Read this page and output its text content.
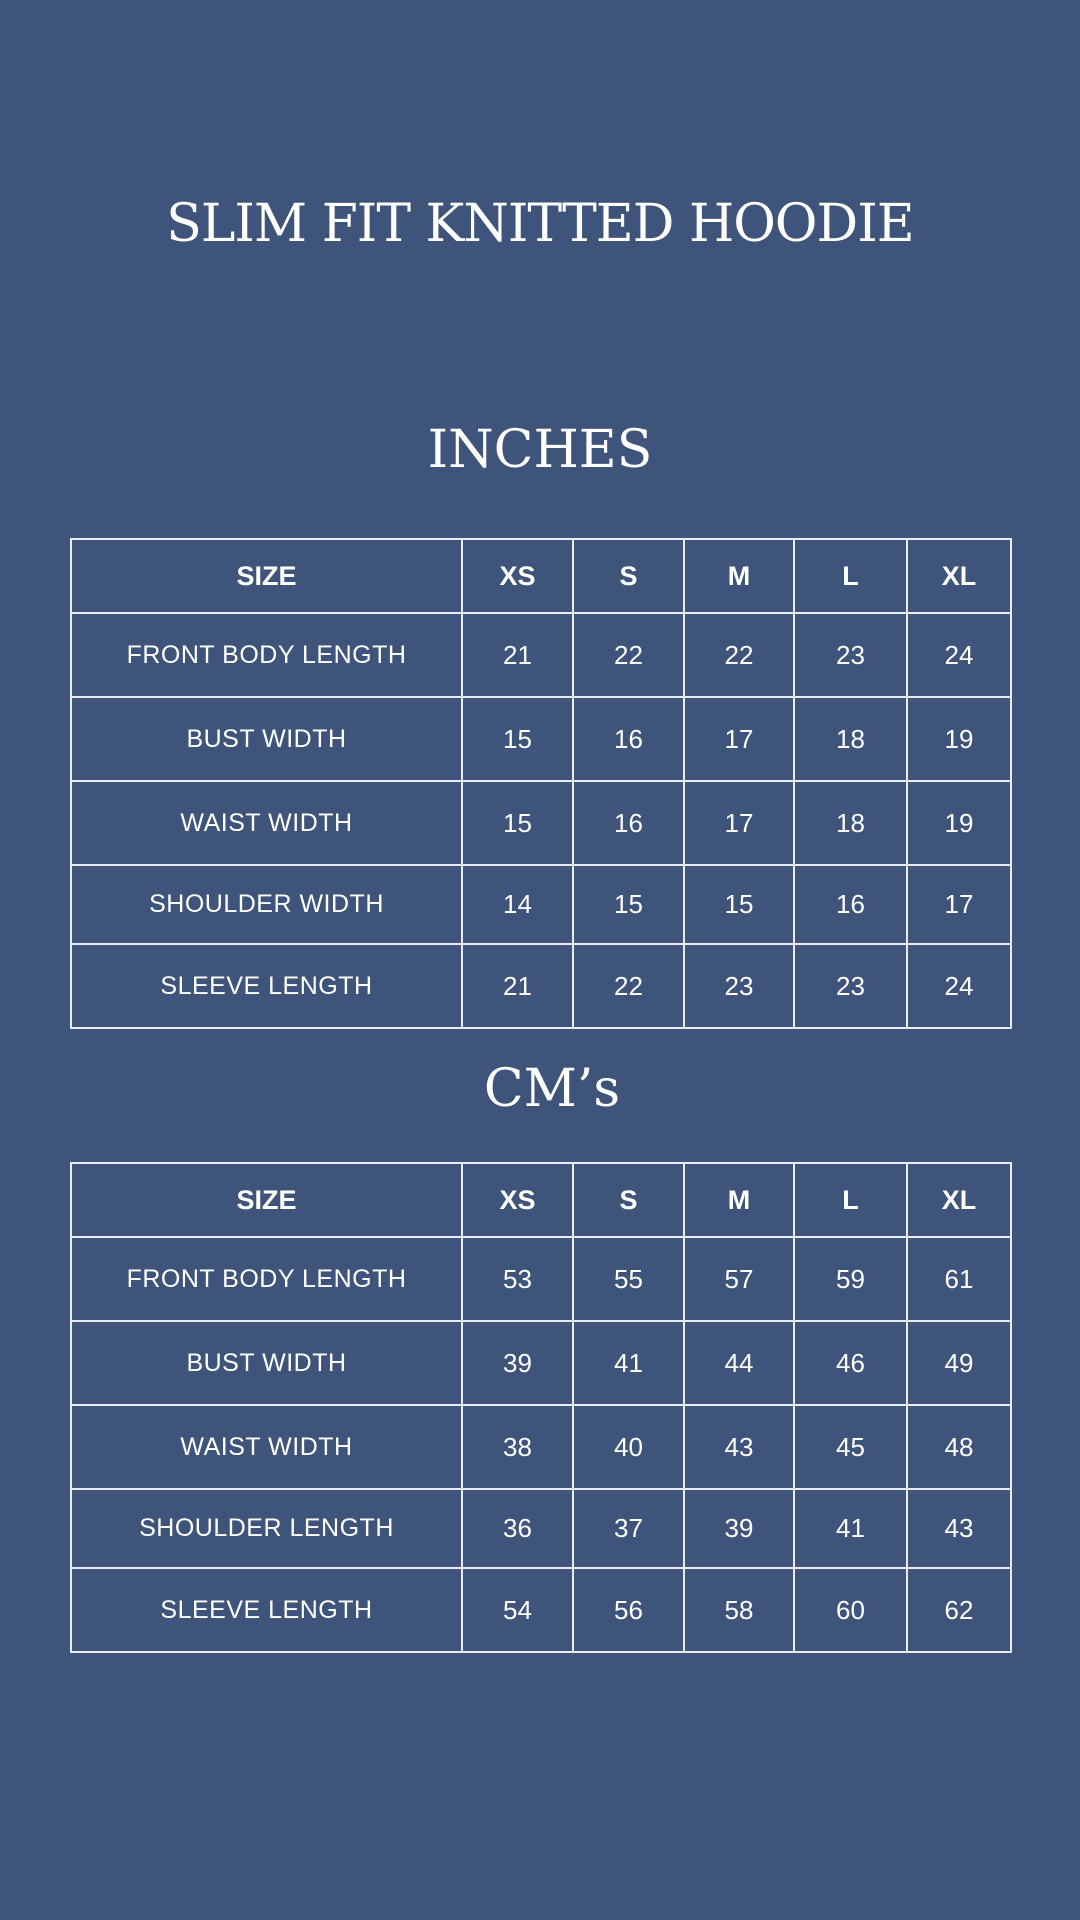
SLIM FIT KNITTED HOODIE
INCHES
SIZE	XS	S	M	L	XL
FRONT BODY LENGTH	21	22	22	23	24
BUST WIDTH	15	16	17	18	19
WAIST WIDTH	15	16	17	18	19
SHOULDER WIDTH	14	15	15	16	17
SLEEVE LENGTH	21	22	23	23	24
CM’s
SIZE	XS	S	M	L	XL
FRONT BODY LENGTH	53	55	57	59	61
BUST WIDTH	39	41	44	46	49
WAIST WIDTH	38	40	43	45	48
SHOULDER LENGTH	36	37	39	41	43
SLEEVE LENGTH	54	56	58	60	62
